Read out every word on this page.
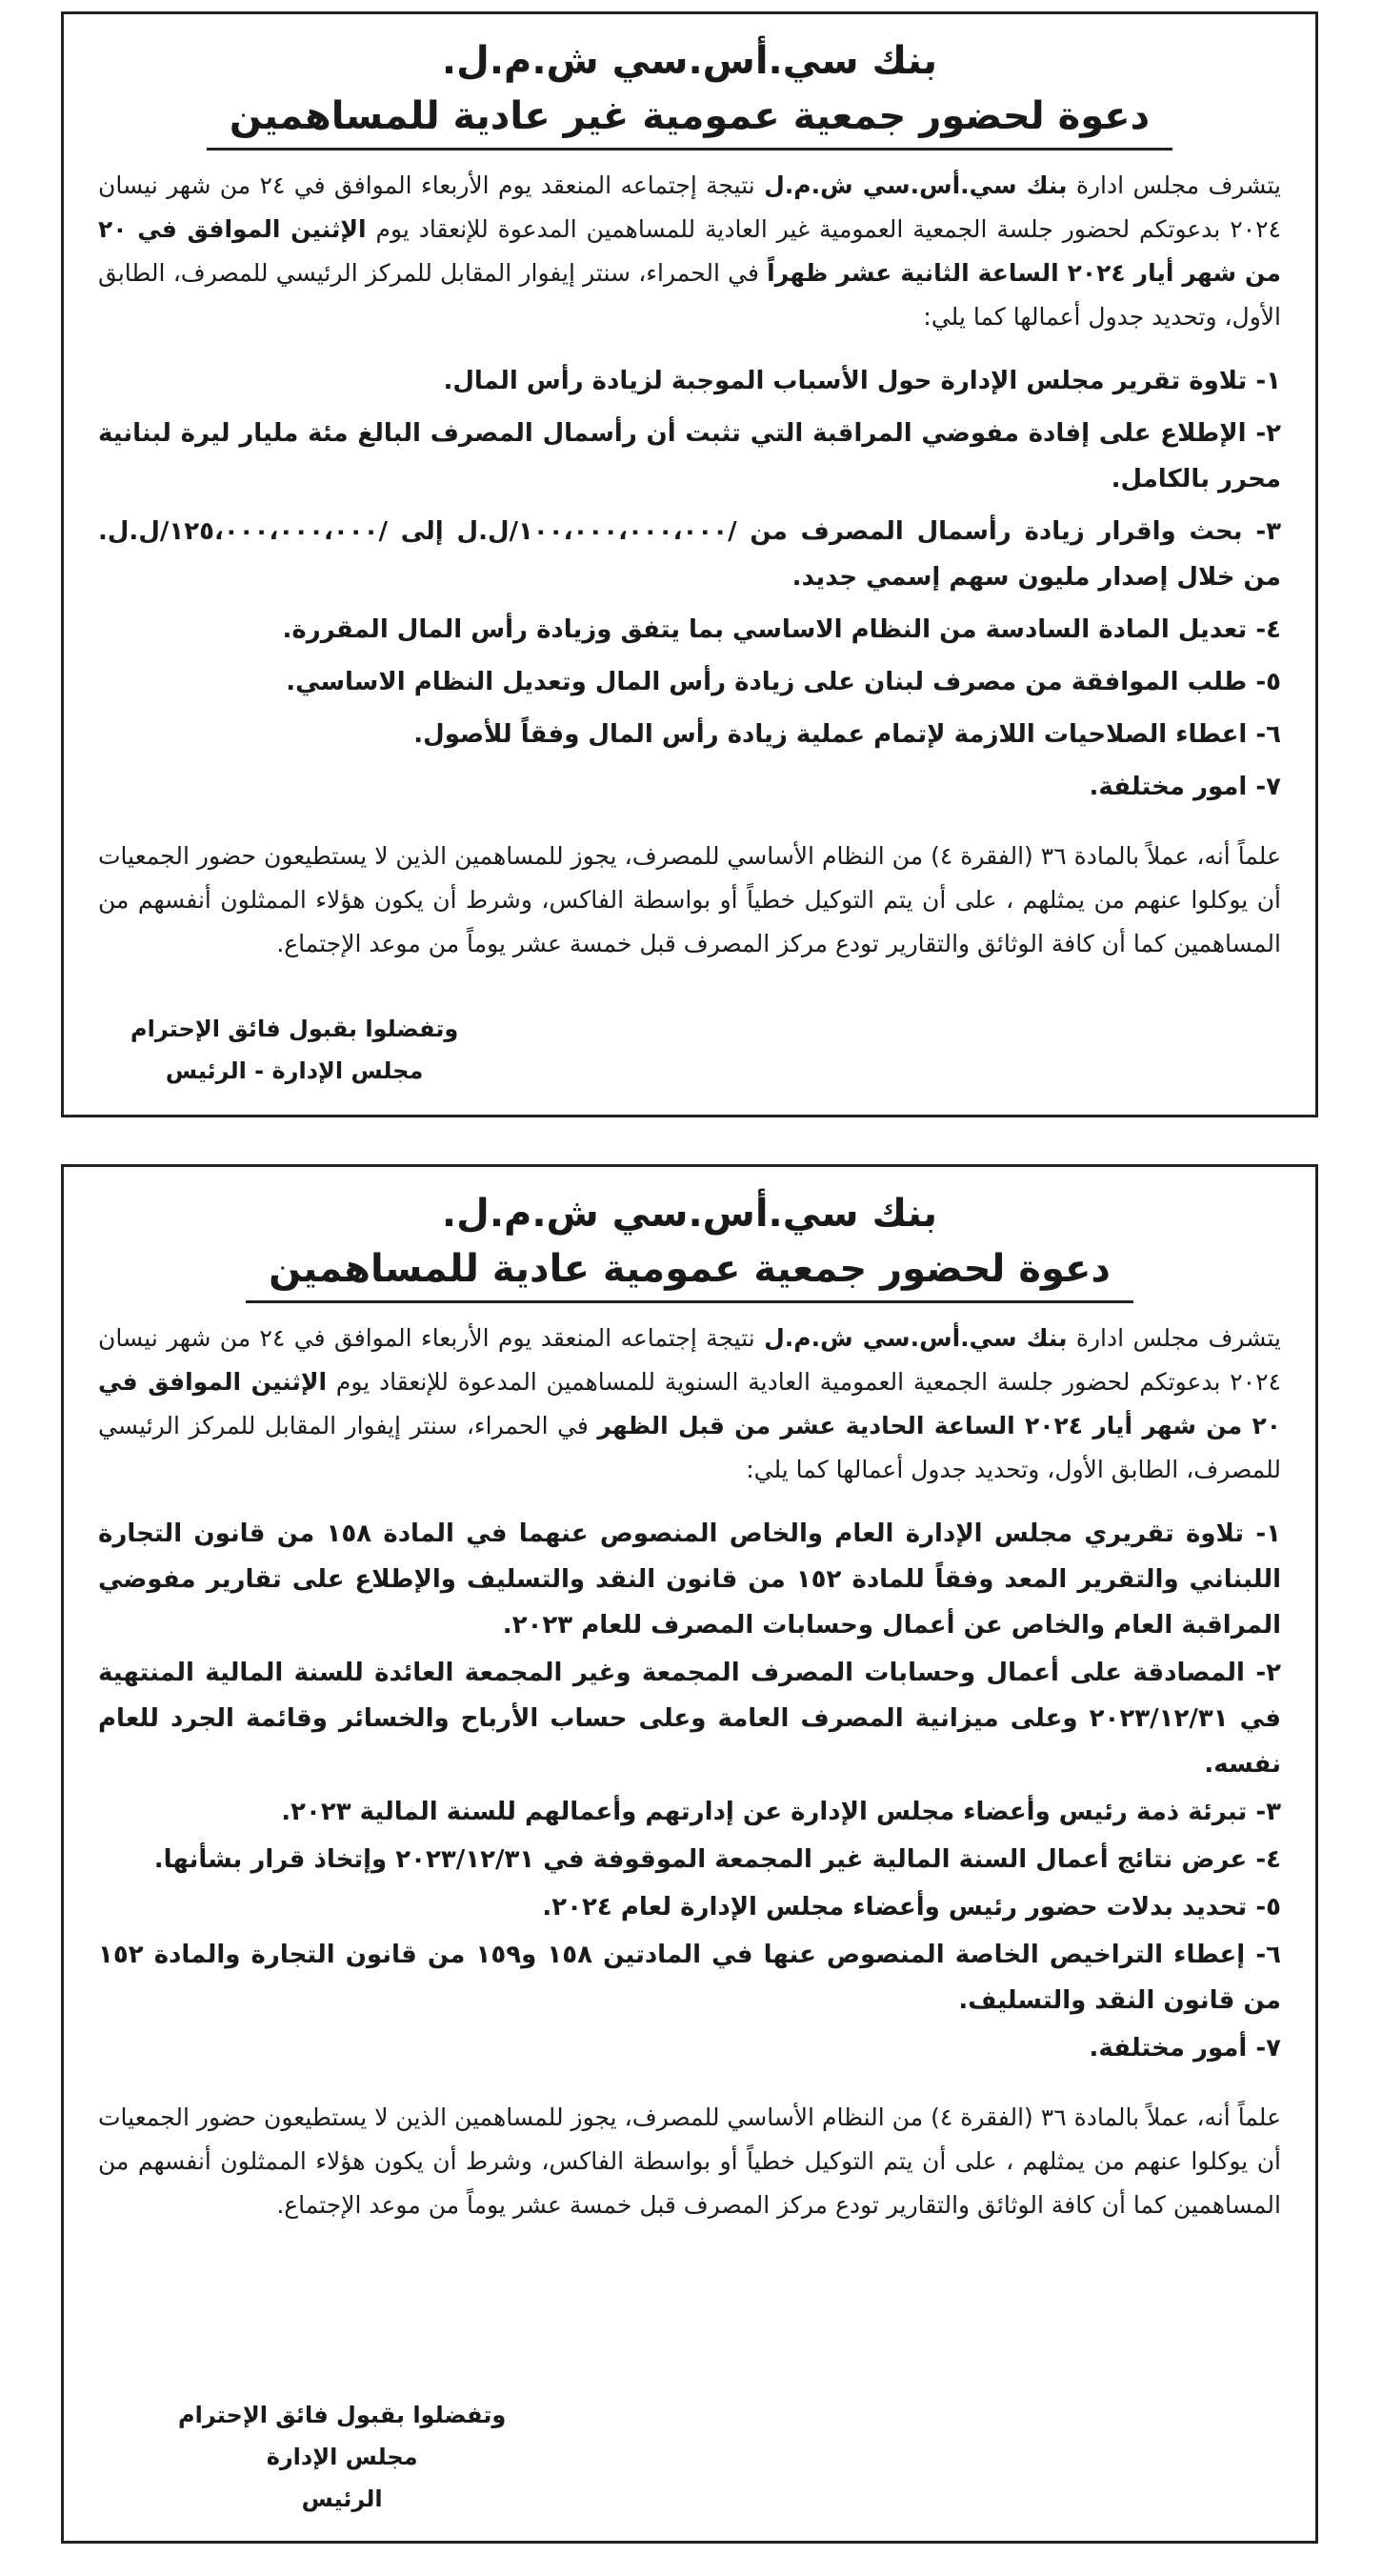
بنك سي.أس.سي ش.م.ل.
دعوة لحضور جمعية عمومية غير عادية للمساهمين

يتشرف مجلس ادارة بنك سي.أس.سي ش.م.ل نتيجة إجتماعه المنعقد يوم الأربعاء الموافق في ٢٤ من شهر نيسان ٢٠٢٤ بدعوتكم لحضور جلسة الجمعية العمومية غير العادية للمساهمين المدعوة للإنعقاد يوم الإثنين الموافق في ٢٠ من شهر أيار ٢٠٢٤ الساعة الثانية عشر ظهراً في الحمراء، سنتر إيفوار المقابل للمركز الرئيسي للمصرف، الطابق الأول، وتحديد جدول أعمالها كما يلي:

١- تلاوة تقرير مجلس الإدارة حول الأسباب الموجبة لزيادة رأس المال.
٢- الإطلاع على إفادة مفوضي المراقبة التي تثبت أن رأسمال المصرف البالغ مئة مليار ليرة لبنانية محرر بالكامل.
٣- بحث واقرار زيادة رأسمال المصرف من /١٠٠،٠٠٠،٠٠٠،٠٠٠/ل.ل إلى /١٢٥،٠٠٠،٠٠٠،٠٠٠/ل.ل. من خلال إصدار مليون سهم إسمي جديد.
٤- تعديل المادة السادسة من النظام الاساسي بما يتفق وزيادة رأس المال المقررة.
٥- طلب الموافقة من مصرف لبنان على زيادة رأس المال وتعديل النظام الاساسي.
٦- اعطاء الصلاحيات اللازمة لإتمام عملية زيادة رأس المال وفقاً للأصول.
٧- امور مختلفة.

علماً أنه، عملاً بالمادة ٣٦ (الفقرة ٤) من النظام الأساسي للمصرف، يجوز للمساهمين الذين لا يستطيعون حضور الجمعيات أن يوكلوا عنهم من يمثلهم ، على أن يتم التوكيل خطياً أو بواسطة الفاكس، وشرط أن يكون هؤلاء الممثلون أنفسهم من المساهمين كما أن كافة الوثائق والتقارير تودع مركز المصرف قبل خمسة عشر يوماً من موعد الإجتماع.

وتفضلوا بقبول فائق الإحترام
مجلس الإدارة - الرئيس
بنك سي.أس.سي ش.م.ل.
دعوة لحضور جمعية عمومية عادية للمساهمين

يتشرف مجلس ادارة بنك سي.أس.سي ش.م.ل نتيجة إجتماعه المنعقد يوم الأربعاء الموافق في ٢٤ من شهر نيسان ٢٠٢٤ بدعوتكم لحضور جلسة الجمعية العمومية العادية السنوية للمساهمين المدعوة للإنعقاد يوم الإثنين الموافق في ٢٠ من شهر أيار ٢٠٢٤ الساعة الحادية عشر من قبل الظهر في الحمراء، سنتر إيفوار المقابل للمركز الرئيسي للمصرف، الطابق الأول، وتحديد جدول أعمالها كما يلي:

١- تلاوة تقريري مجلس الإدارة العام والخاص المنصوص عنهما في المادة ١٥٨ من قانون التجارة اللبناني والتقرير المعد وفقاً للمادة ١٥٢ من قانون النقد والتسليف والإطلاع على تقارير مفوضي المراقبة العام والخاص عن أعمال وحسابات المصرف للعام ٢٠٢٣.
٢- المصادقة على أعمال وحسابات المصرف المجمعة وغير المجمعة العائدة للسنة المالية المنتهية في ٢٠٢٣/١٢/٣١ وعلى ميزانية المصرف العامة وعلى حساب الأرباح والخسائر وقائمة الجرد للعام نفسه.
٣- تبرئة ذمة رئيس وأعضاء مجلس الإدارة عن إدارتهم وأعمالهم للسنة المالية ٢٠٢٣.
٤- عرض نتائج أعمال السنة المالية غير المجمعة الموقوفة في ٢٠٢٣/١٢/٣١ وإتخاذ قرار بشأنها.
٥- تحديد بدلات حضور رئيس وأعضاء مجلس الإدارة لعام ٢٠٢٤.
٦- إعطاء التراخيص الخاصة المنصوص عنها في المادتين ١٥٨ و١٥٩ من قانون التجارة والمادة ١٥٢ من قانون النقد والتسليف.
٧- أمور مختلفة.

علماً أنه، عملاً بالمادة ٣٦ (الفقرة ٤) من النظام الأساسي للمصرف، يجوز للمساهمين الذين لا يستطيعون حضور الجمعيات أن يوكلوا عنهم من يمثلهم ، على أن يتم التوكيل خطياً أو بواسطة الفاكس، وشرط أن يكون هؤلاء الممثلون أنفسهم من المساهمين كما أن كافة الوثائق والتقارير تودع مركز المصرف قبل خمسة عشر يوماً من موعد الإجتماع.

وتفضلوا بقبول فائق الإحترام
مجلس الإدارة
الرئيس
